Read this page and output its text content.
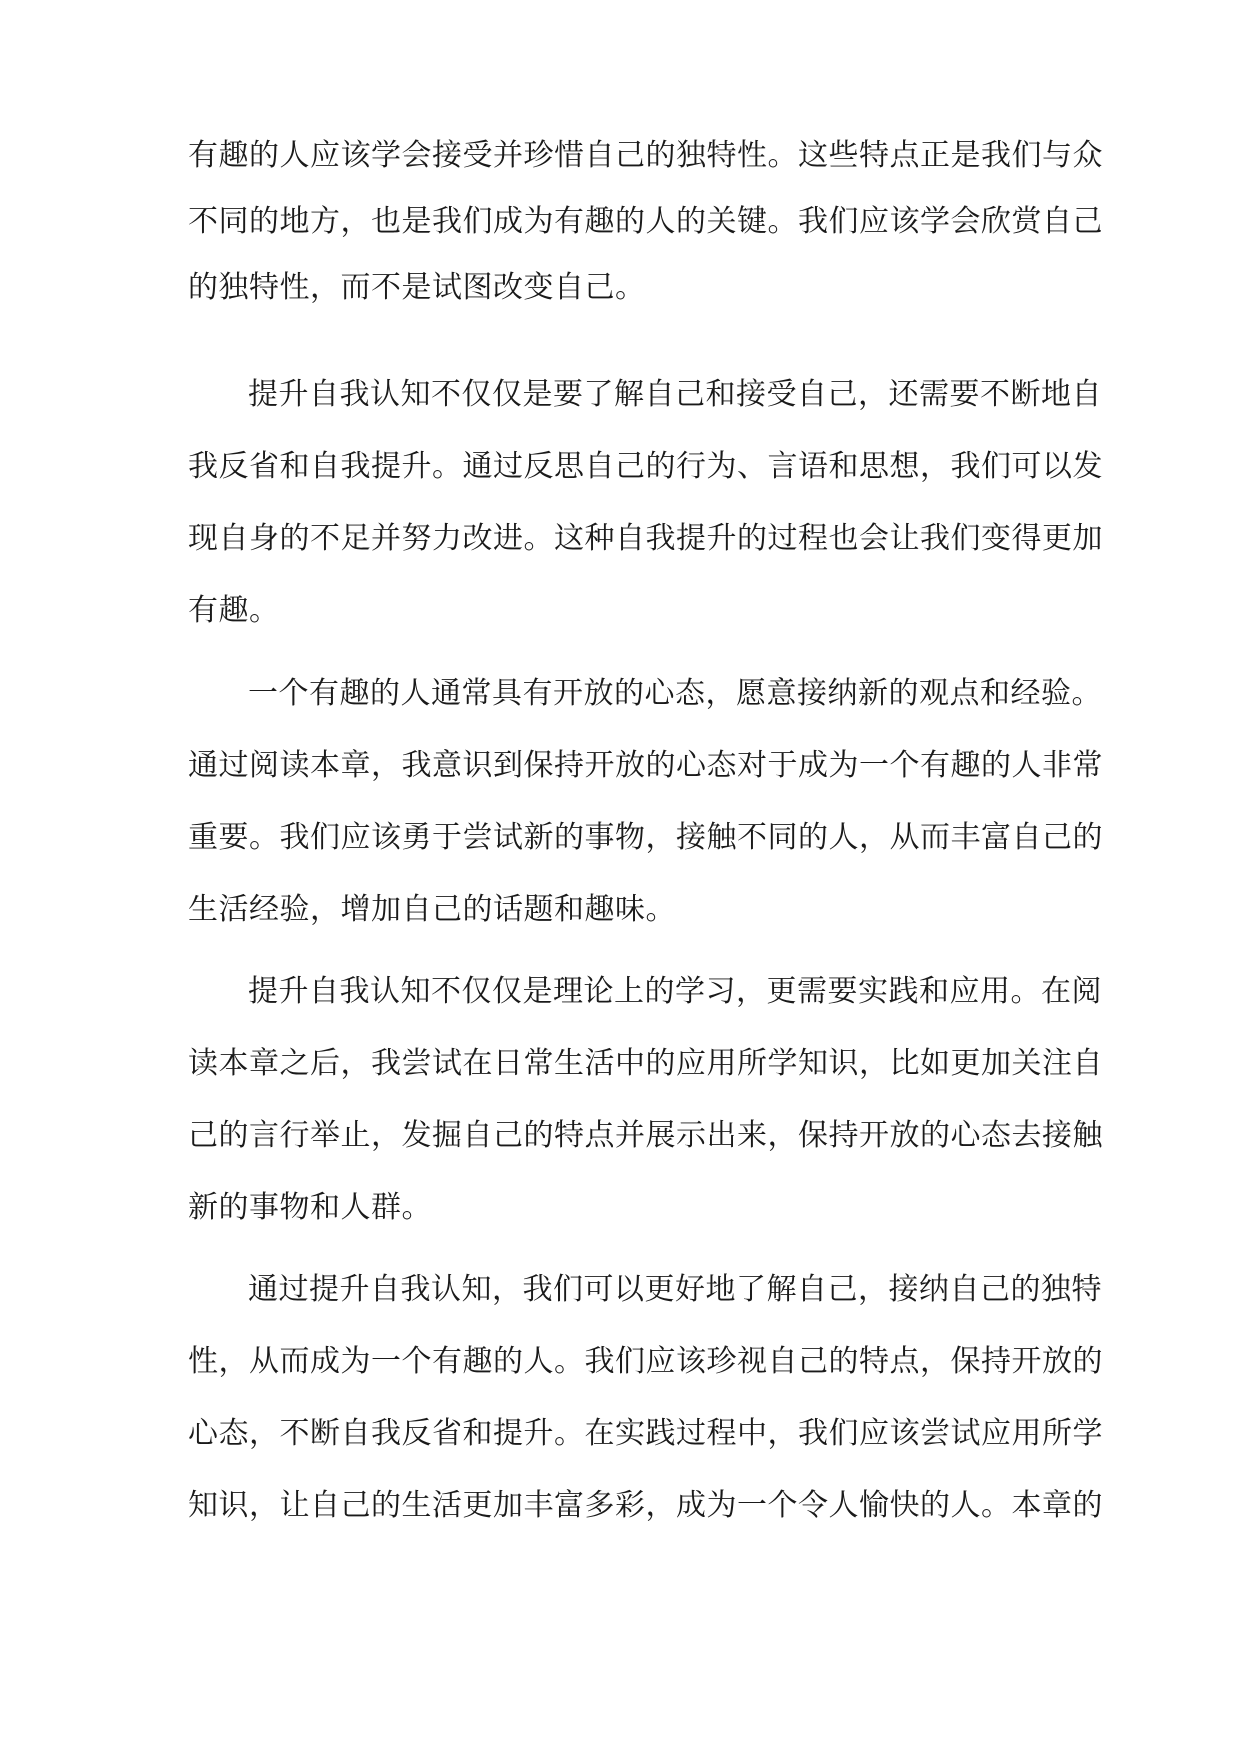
有趣的人应该学会接受并珍惜自己的独特性。这些特点正是我们与众
不同的地方，也是我们成为有趣的人的关键。我们应该学会欣赏自己
的独特性，而不是试图改变自己。
提升自我认知不仅仅是要了解自己和接受自己，还需要不断地自
我反省和自我提升。通过反思自己的行为、言语和思想，我们可以发
现自身的不足并努力改进。这种自我提升的过程也会让我们变得更加
有趣。
一个有趣的人通常具有开放的心态，愿意接纳新的观点和经验。
通过阅读本章，我意识到保持开放的心态对于成为一个有趣的人非常
重要。我们应该勇于尝试新的事物，接触不同的人，从而丰富自己的
生活经验，增加自己的话题和趣味。
提升自我认知不仅仅是理论上的学习，更需要实践和应用。在阅
读本章之后，我尝试在日常生活中的应用所学知识，比如更加关注自
己的言行举止，发掘自己的特点并展示出来，保持开放的心态去接触
新的事物和人群。
通过提升自我认知，我们可以更好地了解自己，接纳自己的独特
性，从而成为一个有趣的人。我们应该珍视自己的特点，保持开放的
心态，不断自我反省和提升。在实践过程中，我们应该尝试应用所学
知识，让自己的生活更加丰富多彩，成为一个令人愉快的人。本章的
